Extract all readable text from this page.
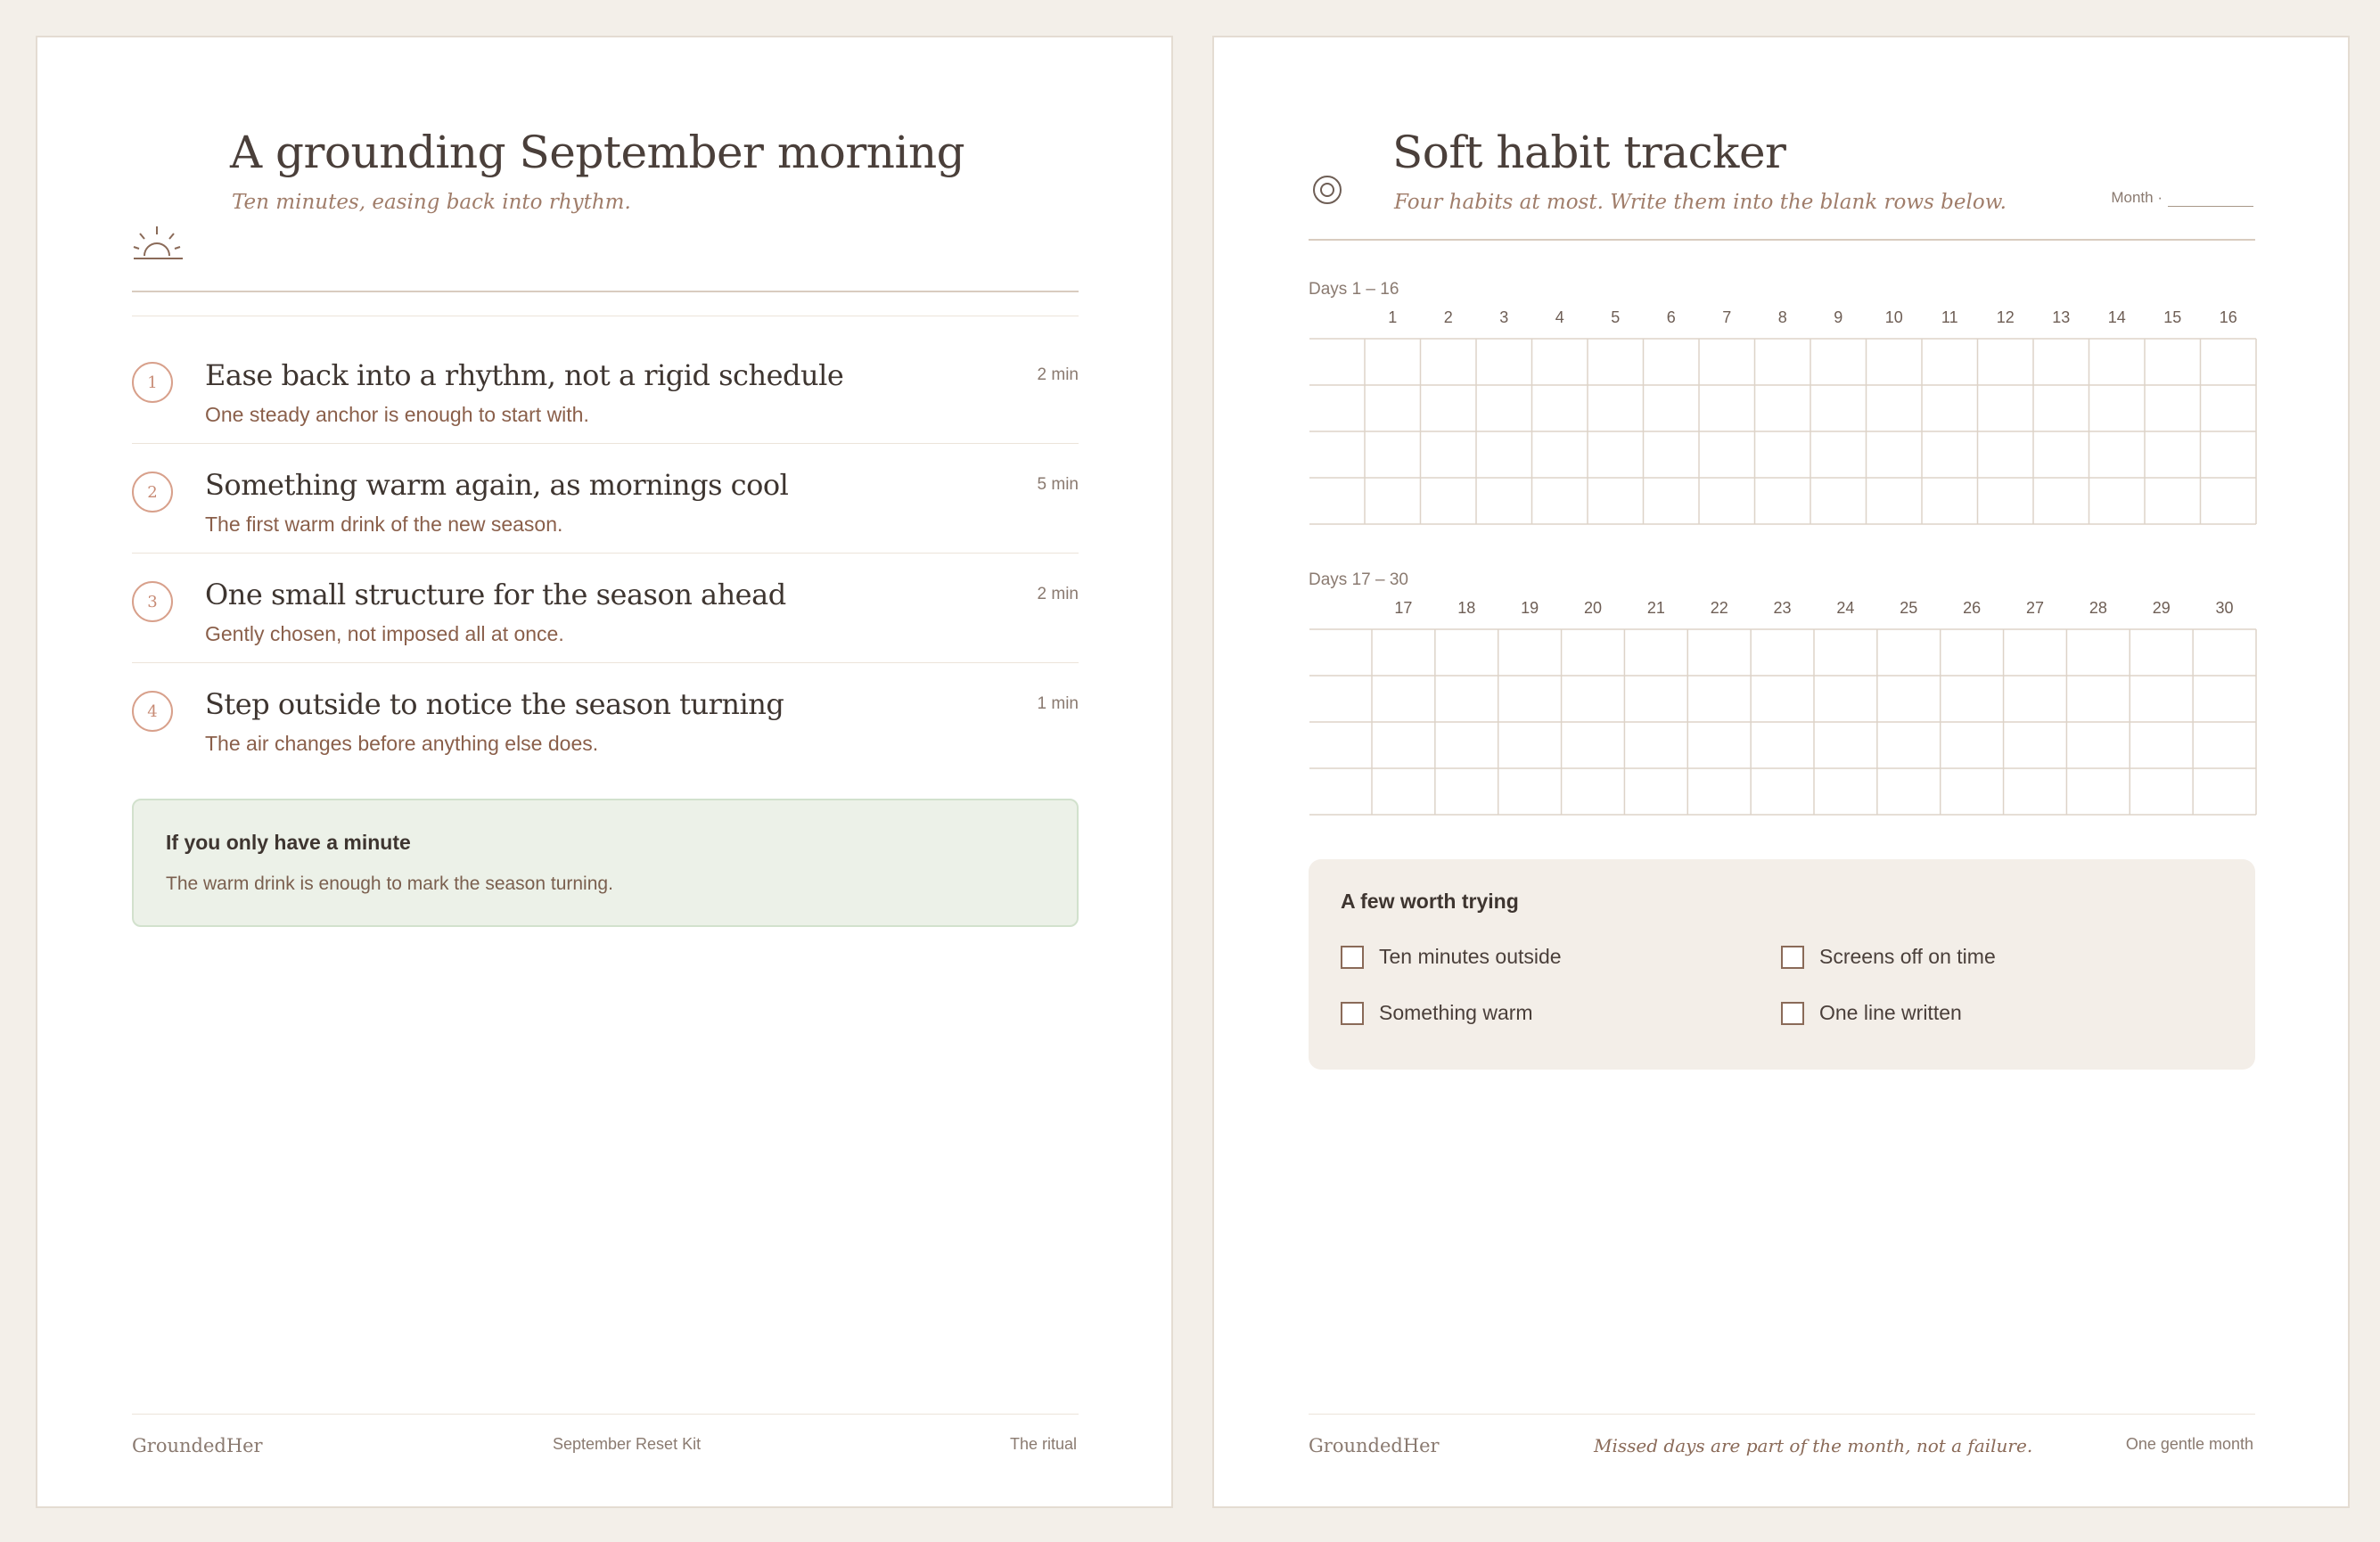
A grounding September morning
Ten minutes, easing back into rhythm.
1	Ease back into a rhythm, not a rigid schedule
One steady anchor is enough to start with.
2 min
2	Something warm again, as mornings cool
The first warm drink of the new season.
5 min
3	One small structure for the season ahead
Gently chosen, not imposed all at once.
2 min
4	Step outside to notice the season turning
The air changes before anything else does.
1 min
If you only have a minute
The warm drink is enough to mark the season turning.
GroundedHer	September Reset Kit	The ritual
Soft habit tracker
Four habits at most. Write them into the blank rows below.	Month ·
Days 1 – 16
1	2	3	4	5	6	7	8	9	10 11 12 13 14 15 16
Days 17 – 30
17	18	19	20	21	22	23	24	25	26	27	28	29	30
A few worth trying
Ten minutes outside	Screens off on time
Something warm	One line written
GroundedHer	Missed days are part of the month, not a failure.	One gentle month
